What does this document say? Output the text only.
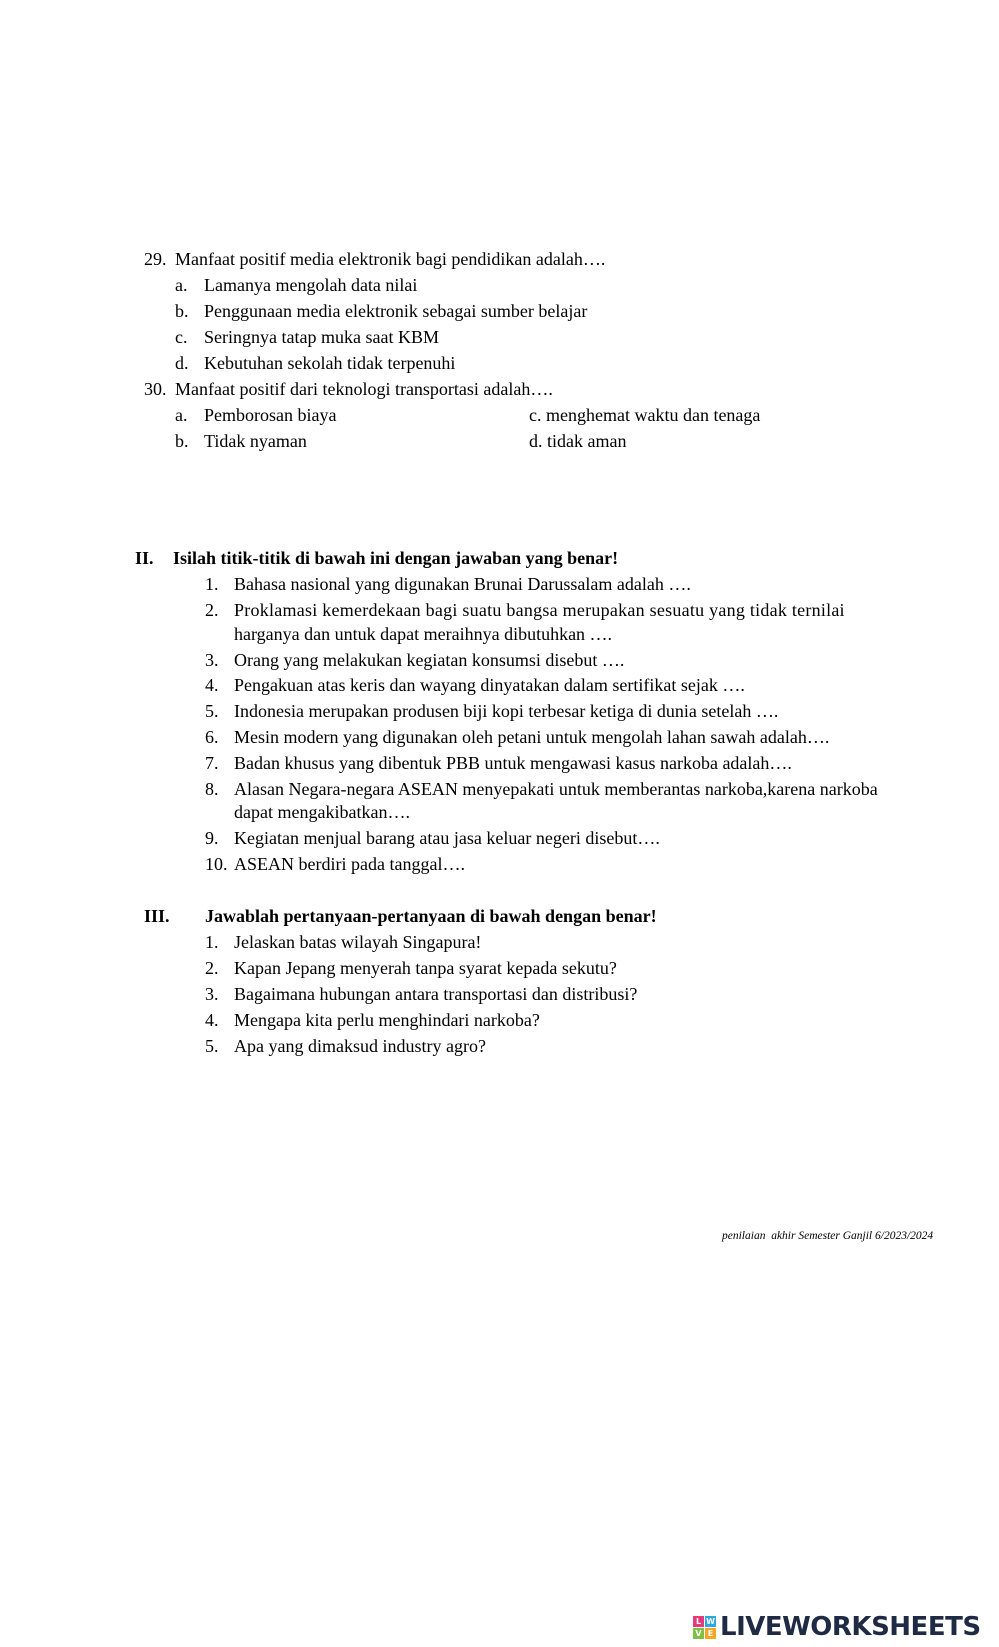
29. Manfaat positif media elektronik bagi pendidikan adalah….
a. Lamanya mengolah data nilai
b. Penggunaan media elektronik sebagai sumber belajar
c. Seringnya tatap muka saat KBM
d. Kebutuhan sekolah tidak terpenuhi
30. Manfaat positif dari teknologi transportasi adalah….
a. Pemborosan biaya	c. menghemat waktu dan tenaga
b. Tidak nyaman	d. tidak aman
II. Isilah titik-titik di bawah ini dengan jawaban yang benar!
1. Bahasa nasional yang digunakan Brunai Darussalam adalah ….
2. Proklamasi kemerdekaan bagi suatu bangsa merupakan sesuatu yang tidak ternilai
harganya dan untuk dapat meraihnya dibutuhkan ….
3. Orang yang melakukan kegiatan konsumsi disebut ….
4. Pengakuan atas keris dan wayang dinyatakan dalam sertifikat sejak ….
5. Indonesia merupakan produsen biji kopi terbesar ketiga di dunia setelah ….
6. Mesin modern yang digunakan oleh petani untuk mengolah lahan sawah adalah….
7. Badan khusus yang dibentuk PBB untuk mengawasi kasus narkoba adalah….
8. Alasan Negara-negara ASEAN menyepakati untuk memberantas narkoba,karena narkoba
dapat mengakibatkan….
9. Kegiatan menjual barang atau jasa keluar negeri disebut….
10. ASEAN berdiri pada tanggal….
III. Jawablah pertanyaan-pertanyaan di bawah dengan benar!
1. Jelaskan batas wilayah Singapura!
2. Kapan Jepang menyerah tanpa syarat kepada sekutu?
3. Bagaimana hubungan antara transportasi dan distribusi?
4. Mengapa kita perlu menghindari narkoba?
5. Apa yang dimaksud industry agro?
penilaian  akhir Semester Ganjil 6/2023/2024
L W
V E LIVEWORKSHEETS
